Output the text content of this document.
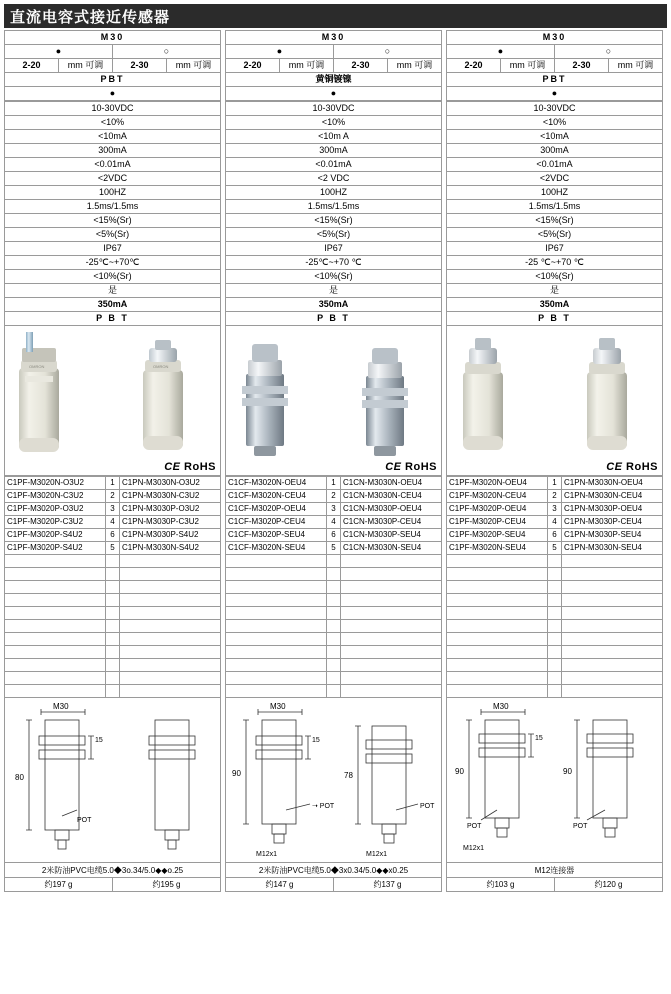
直流电容式接近传感器
M30			
●		○	
2-20	mm 可调	2-30	mm 可调
PBT			
●			
10-30VDC
<10%
<10mA
300mA
<0.01mA
<2VDC
100HZ
1.5ms/1.5ms
<15%(Sr)
<5%(Sr)
IP67
-25℃~+70℃
<10%(Sr)
是
350mA
P B T
OMRON	OMRON
CE RoHS
C1PF-M3020N-O3U2	1	C1PN-M3030N-O3U2
C1PF-M3020N-C3U2	2	C1PN-M3030N-C3U2
C1PF-M3020P-O3U2	3	C1PN-M3030P-O3U2
C1PF-M3020P-C3U2	4	C1PN-M3030P-C3U2
C1PF-M3020P-S4U2	6	C1PN-M3030P-S4U2
C1PF-M3020P-S4U2	5	C1PN-M3030N-S4U2

M30
80
15
POT
2米防油PVC电缆5.0◆3o.34/5.0◆◆o.25
约197 g	约195 g
M30			
●		○	
2-20	mm 可调	2-30	mm 可调
黄铜镀镍			
●			
10-30VDC
<10%
<10m A
300mA
<0.01mA
<2 VDC
100HZ
1.5ms/1.5ms
<15%(Sr)
<5%(Sr)
IP67
-25℃~+70 ℃
<10%(Sr)
是
350mA
P B T
CE RoHS
C1CF-M3020N-OEU4	1	C1CN-M3030N-OEU4
C1CF-M3020N-CEU4	2	C1CN-M3030N-CEU4
C1CF-M3020P-OEU4	3	C1CN-M3030P-OEU4
C1CF-M3020P-CEU4	4	C1CN-M3030P-CEU4
C1CF-M3020P-SEU4	6	C1CN-M3030P-SEU4
C1CF-M3020N-SEU4	5	C1CN-M3030N-SEU4

M30
90
15
➝ POT
M12x1
78
POT
M12x1
2米防油PVC电缆5.0◆3x0.34/5.0◆◆x0.25
约147 g	约137 g
M30			
●		○	
2-20	mm 可调	2-30	mm 可调
PBT			
●			
10-30VDC
<10%
<10mA
300mA
<0.01mA
<2VDC
100HZ
1.5ms/1.5ms
<15%(Sr)
<5%(Sr)
IP67
-25 ℃~+70 ℃
<10%(Sr)
是
350mA
P B T
CE RoHS
C1PF-M3020N-OEU4	1	C1PN-M3030N-OEU4
C1PF-M3020N-CEU4	2	C1PN-M3030N-CEU4
C1PF-M3020P-OEU4	3	C1PN-M3030P-OEU4
C1PF-M3020P-CEU4	4	C1PN-M3030P-CEU4
C1PF-M3020P-SEU4	6	C1PN-M3030P-SEU4
C1PF-M3020N-SEU4	5	C1PN-M3030N-SEU4

M30
90
15
POT
M12x1
90
POT
M12连接器
约103 g	约120 g
